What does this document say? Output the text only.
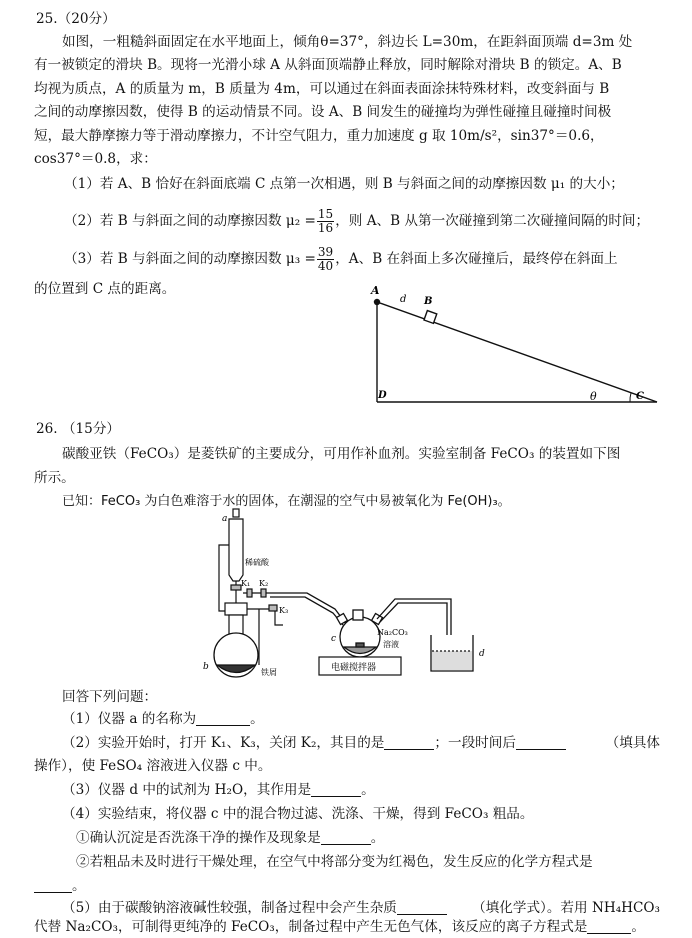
25.（20分）
如图，一粗糙斜面固定在水平地面上，倾角θ=37°，斜边长 L=30m，在距斜面顶端 d=3m 处
有一被锁定的滑块 B。现将一光滑小球 A 从斜面顶端静止释放，同时解除对滑块 B 的锁定。A、B
均视为质点，A 的质量为 m，B 质量为 4m，可以通过在斜面表面涂抹特殊材料，改变斜面与 B
之间的动摩擦因数，使得 B 的运动情景不同。设 A、B 间发生的碰撞均为弹性碰撞且碰撞时间极
短，最大静摩擦力等于滑动摩擦力，不计空气阻力，重力加速度 g 取 10m/s²，sin37°＝0.6，
cos37°＝0.8，求：
（1）若 A、B 恰好在斜面底端 C 点第一次相遇，则 B 与斜面之间的动摩擦因数 μ₁ 的大小；
（2）若 B 与斜面之间的动摩擦因数 $\mu_2 = \frac{15}{16}$ ，则 A、B 从第一次碰撞到第二次碰撞间隔的时间；
（3）若 B 与斜面之间的动摩擦因数 $\mu_3 = \frac{39}{40}$ ，A、B 在斜面上多次碰撞后，最终停在斜面上
的位置到 C 点的距离。	A
d B
D	C
θ
26. （15分）
碳酸亚铁（FeCO₃）是菱铁矿的主要成分，可用作补血剂。实验室制备 FeCO₃ 的装置如下图
所示。
已知：FeCO₃ 为白色难溶于水的固体，在潮湿的空气中易被氧化为 Fe(OH)₃。
a
b
c
d
稀硫酸
K₁ K₂
K₃
铁屑
Na₂CO₃
溶液
电磁搅拌器
回答下列问题：
（1）仪器 a 的名称为	。
（2）实验开始时，打开 K₁、K₃，关闭 K₂，其目的是	；一段时间后	（填具体
操作），使 FeSO₄ 溶液进入仪器 c 中。
（3）仪器 d 中的试剂为 H₂O，其作用是	。
（4）实验结束，将仪器 c 中的混合物过滤、洗涤、干燥，得到 FeCO₃ 粗品。
①确认沉淀是否洗涤干净的操作及现象是	。
②若粗品未及时进行干燥处理，在空气中将部分变为红褐色，发生反应的化学方程式是
。
（5）由于碳酸钠溶液碱性较强，制备过程中会产生杂质	（填化学式）。若用 NH₄HCO₃
代替 Na₂CO₃，可制得更纯净的 FeCO₃，制备过程中产生无色气体，该反应的离子方程式是	。
